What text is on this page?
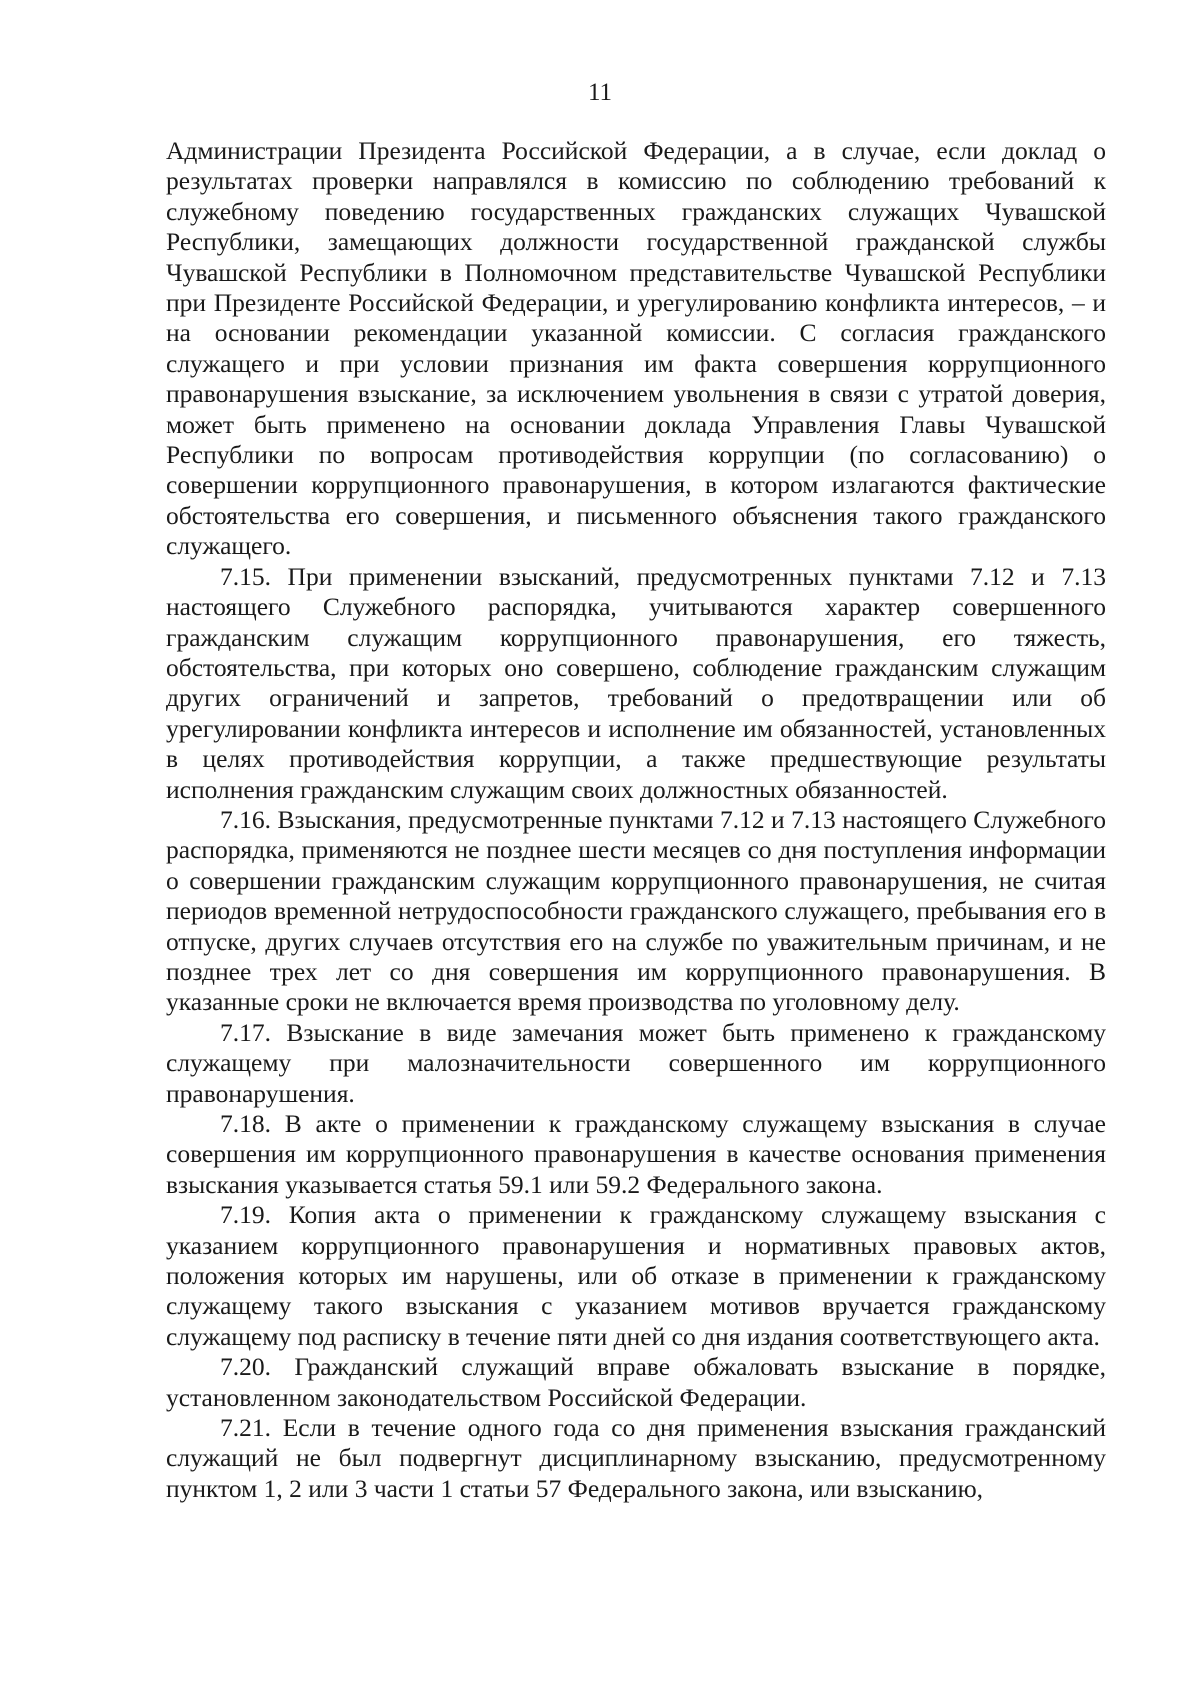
11

Администрации Президента Российской Федерации, а в случае, если доклад о результатах проверки направлялся в комиссию по соблюдению требований к служебному поведению государственных гражданских служащих Чувашской Республики, замещающих должности государственной гражданской службы Чувашской Республики в Полномочном представительстве Чувашской Республики при Президенте Российской Федерации, и урегулированию конфликта интересов, – и на основании рекомендации указанной комиссии. С согласия гражданского служащего и при условии признания им факта совершения коррупционного правонарушения взыскание, за исключением увольнения в связи с утратой доверия, может быть применено на основании доклада Управления Главы Чувашской Республики по вопросам противодействия коррупции (по согласованию) о совершении коррупционного правонарушения, в котором излагаются фактические обстоятельства его совершения, и письменного объяснения такого гражданского служащего.

7.15. При применении взысканий, предусмотренных пунктами 7.12 и 7.13 настоящего Служебного распорядка, учитываются характер совершенного гражданским служащим коррупционного правонарушения, его тяжесть, обстоятельства, при которых оно совершено, соблюдение гражданским служащим других ограничений и запретов, требований о предотвращении или об урегулировании конфликта интересов и исполнение им обязанностей, установленных в целях противодействия коррупции, а также предшествующие результаты исполнения гражданским служащим своих должностных обязанностей.

7.16. Взыскания, предусмотренные пунктами 7.12 и 7.13 настоящего Служебного распорядка, применяются не позднее шести месяцев со дня поступления информации о совершении гражданским служащим коррупционного правонарушения, не считая периодов временной нетрудоспособности гражданского служащего, пребывания его в отпуске, других случаев отсутствия его на службе по уважительным причинам, и не позднее трех лет со дня совершения им коррупционного правонарушения. В указанные сроки не включается время производства по уголовному делу.

7.17. Взыскание в виде замечания может быть применено к гражданскому служащему при малозначительности совершенного им коррупционного правонарушения.

7.18. В акте о применении к гражданскому служащему взыскания в случае совершения им коррупционного правонарушения в качестве основания применения взыскания указывается статья 59.1 или 59.2 Федерального закона.

7.19. Копия акта о применении к гражданскому служащему взыскания с указанием коррупционного правонарушения и нормативных правовых актов, положения которых им нарушены, или об отказе в применении к гражданскому служащему такого взыскания с указанием мотивов вручается гражданскому служащему под расписку в течение пяти дней со дня издания соответствующего акта.

7.20. Гражданский служащий вправе обжаловать взыскание в порядке, установленном законодательством Российской Федерации.

7.21. Если в течение одного года со дня применения взыскания гражданский служащий не был подвергнут дисциплинарному взысканию, предусмотренному пунктом 1, 2 или 3 части 1 статьи 57 Федерального закона, или взысканию,
